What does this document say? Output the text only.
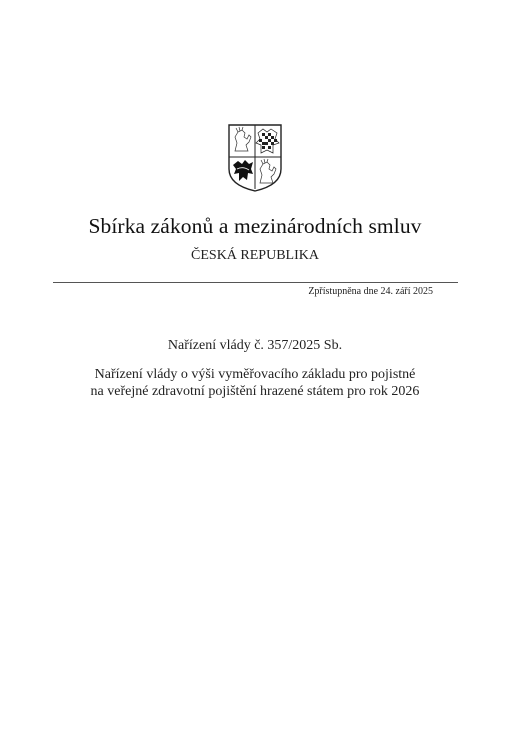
Sbírka zákonů a mezinárodních smluv
ČESKÁ REPUBLIKA
Zpřístupněna dne 24. září 2025
Nařízení vlády č. 357/2025 Sb.
Nařízení vlády o výši vyměřovacího základu pro pojistné
na veřejné zdravotní pojištění hrazené státem pro rok 2026
